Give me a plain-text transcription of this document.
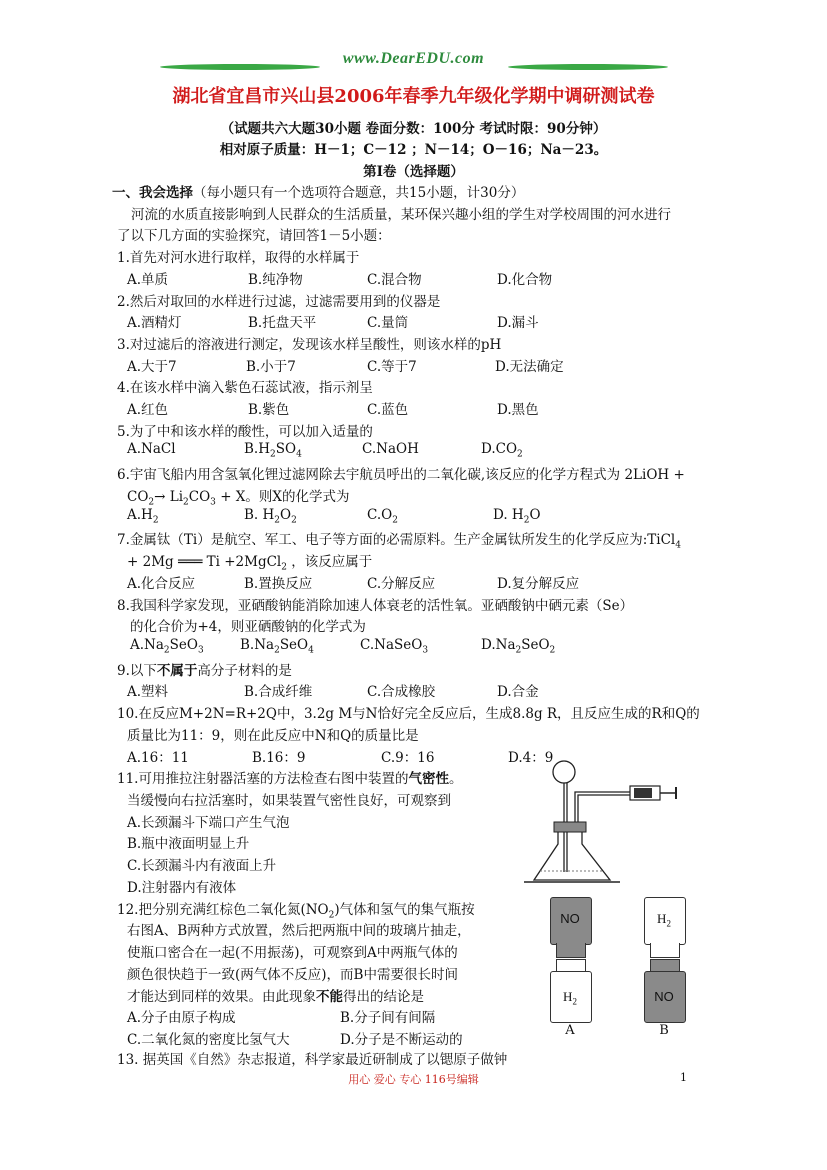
www.DearEDU.com
湖北省宜昌市兴山县2006年春季九年级化学期中调研测试卷
（试题共六大题30小题 卷面分数：100分 考试时限：90分钟）
相对原子质量：H－1；C－12 ；N－14；O－16；Na－23。
第Ⅰ卷（选择题）
一、我会选择（每小题只有一个选项符合题意，共15小题，计30分）
河流的水质直接影响到人民群众的生活质量，某环保兴趣小组的学生对学校周围的河水进行
了以下几方面的实验探究，请回答1－5小题：
1.首先对河水进行取样，取得的水样属于
A.单质	B.纯净物	C.混合物	D.化合物
2.然后对取回的水样进行过滤，过滤需要用到的仪器是
A.酒精灯	B.托盘天平	C.量筒	D.漏斗
3.对过滤后的溶液进行测定，发现该水样呈酸性，则该水样的pH
A.大于7	B.小于7	C.等于7	D.无法确定
4.在该水样中滴入紫色石蕊试液，指示剂呈
A.红色	B.紫色	C.蓝色	D.黑色
5.为了中和该水样的酸性，可以加入适量的
A.NaCl	$B.H_2SO_4$	C.NaOH	$D.CO_2$
6.宇宙飞船内用含氢氧化锂过滤网除去宇航员呼出的二氧化碳,该反应的化学方程式为 2LiOH +
$CO_2\to Li_2CO_3 + X$。则X的化学式为
$A.H_2$	B. $H_2O_2$	$C.O_2$	D. $H_2O$
7.金属钛（Ti）是航空、军工、电子等方面的必需原料。生产金属钛所发生的化学反应为:TiCl$_4$
+ 2Mg ═══ Ti +2MgCl$_2$ ，该反应属于
A.化合反应	B.置换反应	C.分解反应	D.复分解反应
8.我国科学家发现，亚硒酸钠能消除加速人体衰老的活性氧。亚硒酸钠中硒元素（Se）
的化合价为+4，则亚硒酸钠的化学式为
$A.Na_2SeO_3$	$B.Na_2SeO_4$	C.NaSeO$_3$	$D.Na_2SeO_2$
9.以下不属于高分子材料的是
A.塑料	B.合成纤维	C.合成橡胶	D.合金
10.在反应M+2N=R+2Q中，3.2g M与N恰好完全反应后，生成8.8g R，且反应生成的R和Q的
质量比为11：9，则在此反应中N和Q的质量比是
A.16：11	B.16：9	C.9：16	D.4：9
11.可用推拉注射器活塞的方法检查右图中装置的气密性。
当缓慢向右拉活塞时，如果装置气密性良好，可观察到
A.长颈漏斗下端口产生气泡
B.瓶中液面明显上升
C.长颈漏斗内有液面上升
D.注射器内有液体
12.把分别充满红棕色二氧化氮$(NO_2)$气体和氢气的集气瓶按
右图A、B两种方式放置，然后把两瓶中间的玻璃片抽走，
使瓶口密合在一起(不用振荡)，可观察到A中两瓶气体的
颜色很快趋于一致(两气体不反应)，而B中需要很长时间
才能达到同样的效果。由此现象不能得出的结论是
A.分子由原子构成	B.分子间有间隔
C.二氧化氮的密度比氢气大	D.分子是不断运动的
NO
$H_2$
A
$H_2$
NO
B
13. 据英国《自然》杂志报道，科学家最近研制成了以锶原子做钟
用心 爱心 专心 116号编辑	1
